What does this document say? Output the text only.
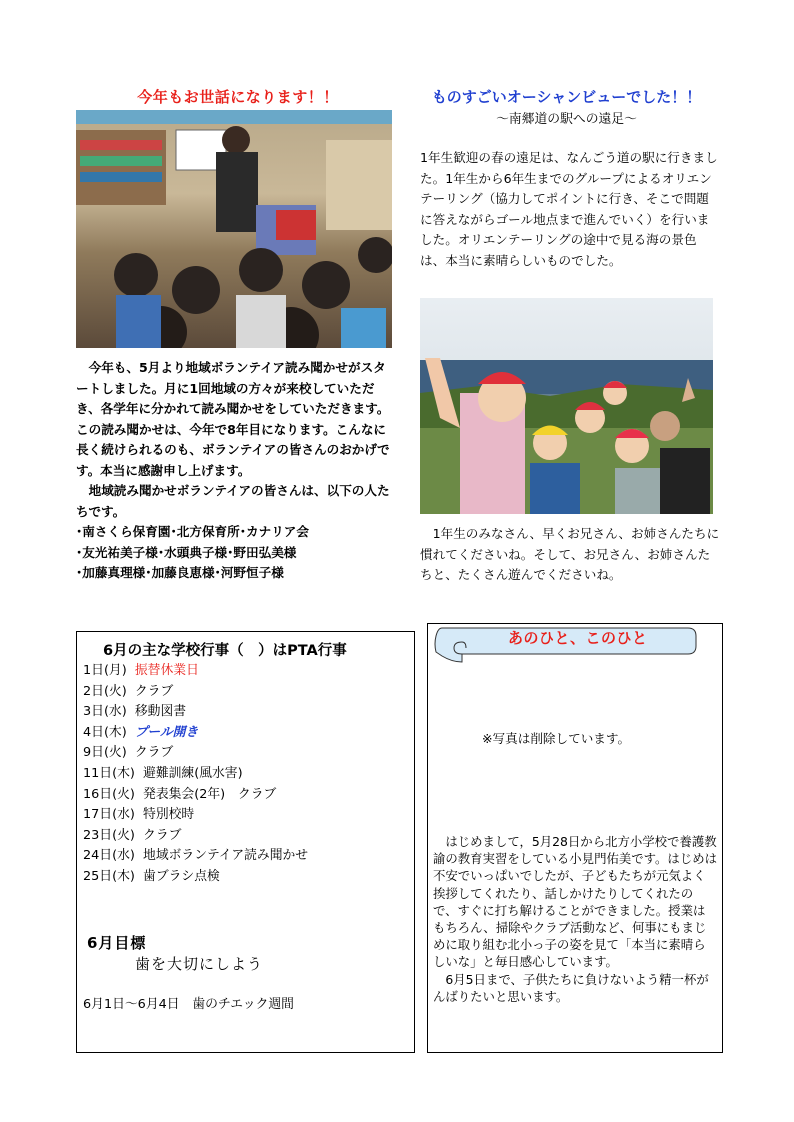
今年もお世話になります！！
　今年も、5月より地域ボランテイア読み聞かせがスタートしました。月に1回地域の方々が来校していただき、各学年に分かれて読み聞かせをしていただきます。この読み聞かせは、今年で8年目になります。こんなに長く続けられるのも、ボランテイアの皆さんのおかげです。本当に感謝申し上げます。
　地域読み聞かせボランテイアの皆さんは、以下の人たちです。
･南さくら保育園･北方保育所･カナリア会
･友光祐美子様･水頭典子様･野田弘美様
･加藤真理様･加藤良恵様･河野恒子様
ものすごいオーシャンビューでした！！
～南郷道の駅への遠足～
1年生歓迎の春の遠足は、なんごう道の駅に行きました。1年生から6年生までのグループによるオリエンテーリング（協力してポイントに行き、そこで問題に答えながらゴール地点まで進んでいく）を行いました。オリエンテーリングの途中で見る海の景色は、本当に素晴らしいものでした。
　1年生のみなさん、早くお兄さん、お姉さんたちに慣れてくださいね。そして、お兄さん、お姉さんたちと、たくさん遊んでくださいね。
6月の主な学校行事（　）はPTA行事
1日(月) 振替休業日
2日(火) クラブ
3日(水) 移動図書
4日(木) プール開き
9日(火) クラブ
11日(木) 避難訓練(風水害)
16日(火) 発表集会(2年)　クラブ
17日(水) 特別校時
23日(火) クラブ
24日(水) 地域ボランテイア読み聞かせ
25日(木) 歯ブラシ点検
6月目標
歯を大切にしよう
6月1日～6月4日　歯のチエック週間
あのひと、このひと
※写真は削除しています。
　はじめまして，5月28日から北方小学校で養護教諭の教育実習をしている小見門佑美です。はじめは不安でいっぱいでしたが、子どもたちが元気よく挨拶してくれたり、話しかけたりしてくれたので、すぐに打ち解けることができました。授業はもちろん、掃除やクラブ活動など、何事にもまじめに取り組む北小っ子の姿を見て「本当に素晴らしいな」と毎日感心しています。
　6月5日まで、子供たちに負けないよう精一杯がんばりたいと思います。
